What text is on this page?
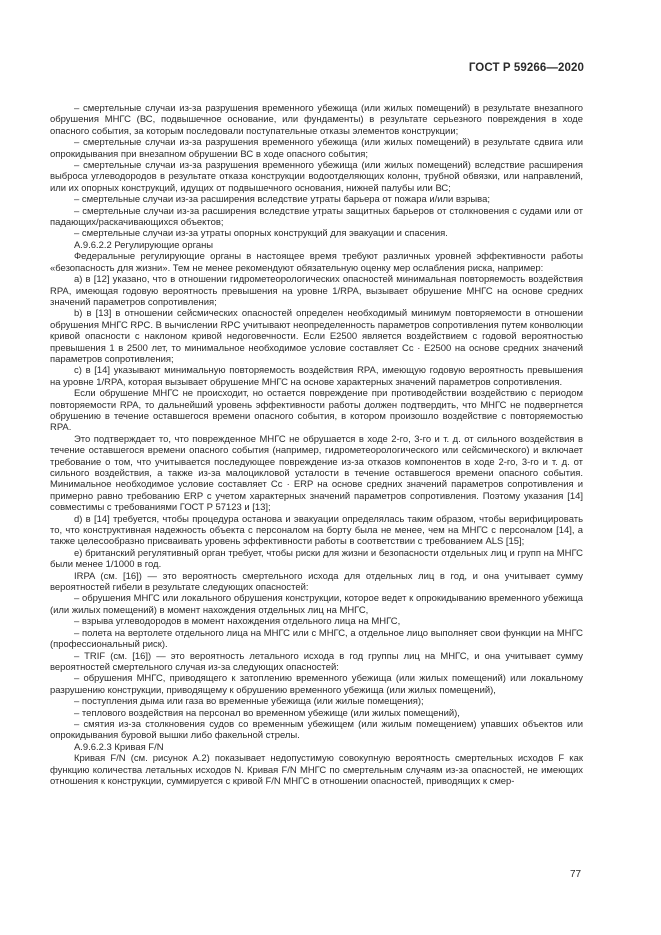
ГОСТ Р 59266—2020

– смертельные случаи из-за разрушения временного убежища (или жилых помещений) в результате внезапного обрушения МНГС (ВС, подвышечное основание, или фундаменты) в результате серьезного повреждения в ходе опасного события, за которым последовали поступательные отказы элементов конструкции;

– смертельные случаи из-за разрушения временного убежища (или жилых помещений) в результате сдвига или опрокидывания при внезапном обрушении ВС в ходе опасного события;

– смертельные случаи из-за разрушения временного убежища (или жилых помещений) вследствие расширения выброса углеводородов в результате отказа конструкции водоотделяющих колонн, трубной обвязки, или направлений, или их опорных конструкций, идущих от подвышечного основания, нижней палубы или ВС;

– смертельные случаи из-за расширения вследствие утраты барьера от пожара и/или взрыва;

– смертельные случаи из-за расширения вследствие утраты защитных барьеров от столкновения с судами или от падающих/раскачивающихся объектов;

– смертельные случаи из-за утраты опорных конструкций для эвакуации и спасения.

А.9.6.2.2 Регулирующие органы

Федеральные регулирующие органы в настоящее время требуют различных уровней эффективности работы «безопасность для жизни». Тем не менее рекомендуют обязательную оценку мер ослабления риска, например:

a) в [12] указано, что в отношении гидрометеорологических опасностей минимальная повторяемость воздействия RPA, имеющая годовую вероятность превышения на уровне 1/RPA, вызывает обрушение МНГС на основе средних значений параметров сопротивления;

b) в [13] в отношении сейсмических опасностей определен необходимый минимум повторяемости в отношении обрушения МНГС RPC. В вычислении RPC учитывают неопределенность параметров сопротивления путем конволюции кривой опасности с наклоном кривой недоговечности. Если E2500 является воздействием с годовой вероятностью превышения 1 в 2500 лет, то минимальное необходимое условие составляет Cc · E2500 на основе средних значений параметров сопротивления;

c) в [14] указывают минимальную повторяемость воздействия RPA, имеющую годовую вероятность превышения на уровне 1/RPA, которая вызывает обрушение МНГС на основе характерных значений параметров сопротивления.

Если обрушение МНГС не происходит, но остается повреждение при противодействии воздействию с периодом повторяемости RPA, то дальнейший уровень эффективности работы должен подтвердить, что МНГС не подвергнется обрушению в течение оставшегося времени опасного события, в котором произошло воздействие с повторяемостью RPA.

Это подтверждает то, что поврежденное МНГС не обрушается в ходе 2-го, 3-го и т. д. от сильного воздействия в течение оставшегося времени опасного события (например, гидрометеорологического или сейсмического) и включает требование о том, что учитывается последующее повреждение из-за отказов компонентов в ходе 2-го, 3-го и т. д. от сильного воздействия, а также из-за малоцикловой усталости в течение оставшегося времени опасного события. Минимальное необходимое условие составляет Cc · ERP на основе средних значений параметров сопротивления и примерно равно требованию ERP с учетом характерных значений параметров сопротивления. Поэтому указания [14] совместимы с требованиями ГОСТ Р 57123 и [13];

d) в [14] требуется, чтобы процедура останова и эвакуации определялась таким образом, чтобы верифицировать то, что конструктивная надежность объекта с персоналом на борту была не менее, чем на МНГС с персоналом [14], а также целесообразно присваивать уровень эффективности работы в соответствии с требованием ALS [15];

e) британский регулятивный орган требует, чтобы риски для жизни и безопасности отдельных лиц и групп на МНГС были менее 1/1000 в год.

IRPA (см. [16]) — это вероятность смертельного исхода для отдельных лиц в год, и она учитывает сумму вероятностей гибели в результате следующих опасностей:

– обрушения МНГС или локального обрушения конструкции, которое ведет к опрокидыванию временного убежища (или жилых помещений) в момент нахождения отдельных лиц на МНГС,

– взрыва углеводородов в момент нахождения отдельного лица на МНГС,

– полета на вертолете отдельного лица на МНГС или с МНГС, а отдельное лицо выполняет свои функции на МНГС (профессиональный риск).

– TRIF (см. [16]) — это вероятность летального исхода в год группы лиц на МНГС, и она учитывает сумму вероятностей смертельного случая из-за следующих опасностей:

– обрушения МНГС, приводящего к затоплению временного убежища (или жилых помещений) или локальному разрушению конструкции, приводящему к обрушению временного убежища (или жилых помещений),

– поступления дыма или газа во временные убежища (или жилые помещения);

– теплового воздействия на персонал во временном убежище (или жилых помещений),

– смятия из-за столкновения судов со временным убежищем (или жилым помещением) упавших объектов или опрокидывания буровой вышки либо факельной стрелы.

А.9.6.2.3 Кривая F/N

Кривая F/N (см. рисунок А.2) показывает недопустимую совокупную вероятность смертельных исходов F как функцию количества летальных исходов N. Кривая F/N МНГС по смертельным случаям из-за опасностей, не имеющих отношения к конструкции, суммируется с кривой F/N МНГС в отношении опасностей, приводящих к смер-

77
